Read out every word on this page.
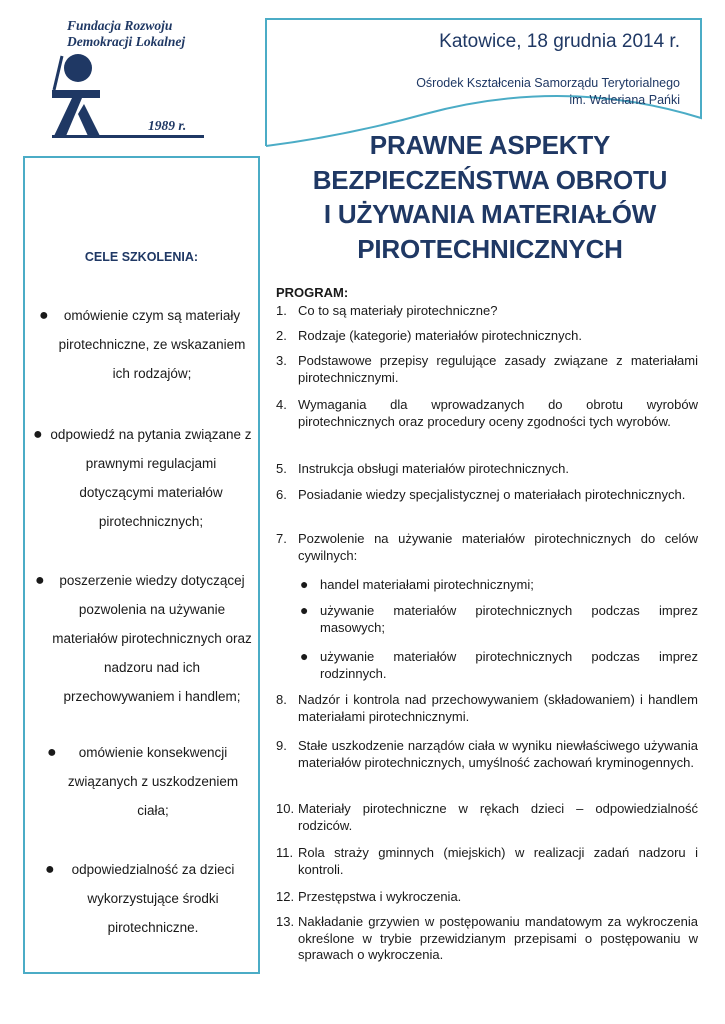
Fundacja Rozwoju
Demokracji Lokalnej
1989 r.
Katowice, 18 grudnia 2014 r.
Ośrodek Kształcenia Samorządu Terytorialnego
im. Waleriana Pańki
PRAWNE ASPEKTY
BEZPIECZEŃSTWA OBROTU
I UŻYWANIA MATERIAŁÓW
PIROTECHNICZNYCH
CELE SZKOLENIA:
●	omówienie czym są materiały pirotechniczne, ze wskazaniem ich rodzajów;
● odpowiedź na pytania związane z prawnymi regulacjami dotyczącymi materiałów pirotechnicznych;
●	poszerzenie wiedzy dotyczącej pozwolenia na używanie materiałów pirotechnicznych oraz nadzoru nad ich przechowywaniem i handlem;
●	omówienie konsekwencji związanych z uszkodzeniem ciała;
●	odpowiedzialność za dzieci wykorzystujące środki pirotechniczne.
PROGRAM:
1. Co to są materiały pirotechniczne?
2. Rodzaje (kategorie) materiałów pirotechnicznych.
3. Podstawowe przepisy regulujące zasady związane z materiałami pirotechnicznymi.
4. Wymagania dla wprowadzanych do obrotu wyrobów pirotechnicznych oraz procedury oceny zgodności tych wyrobów.
5. Instrukcja obsługi materiałów pirotechnicznych.
6. Posiadanie wiedzy specjalistycznej o materiałach pirotechnicznych.
7. Pozwolenie na używanie materiałów pirotechnicznych do celów cywilnych:
● handel materiałami pirotechnicznymi;
● używanie materiałów pirotechnicznych podczas imprez masowych;
● używanie materiałów pirotechnicznych podczas imprez rodzinnych.
8. Nadzór i kontrola nad przechowywaniem (składowaniem) i handlem materiałami pirotechnicznymi.
9. Stałe uszkodzenie narządów ciała w wyniku niewłaściwego używania materiałów pirotechnicznych, umyślność zachowań kryminogennych.
10. Materiały pirotechniczne w rękach dzieci – odpowiedzialność rodziców.
11. Rola straży gminnych (miejskich) w realizacji zadań nadzoru i kontroli.
12. Przestępstwa i wykroczenia.
13. Nakładanie grzywien w postępowaniu mandatowym za wykroczenia określone w trybie przewidzianym przepisami o postępowaniu w sprawach o wykroczenia.
